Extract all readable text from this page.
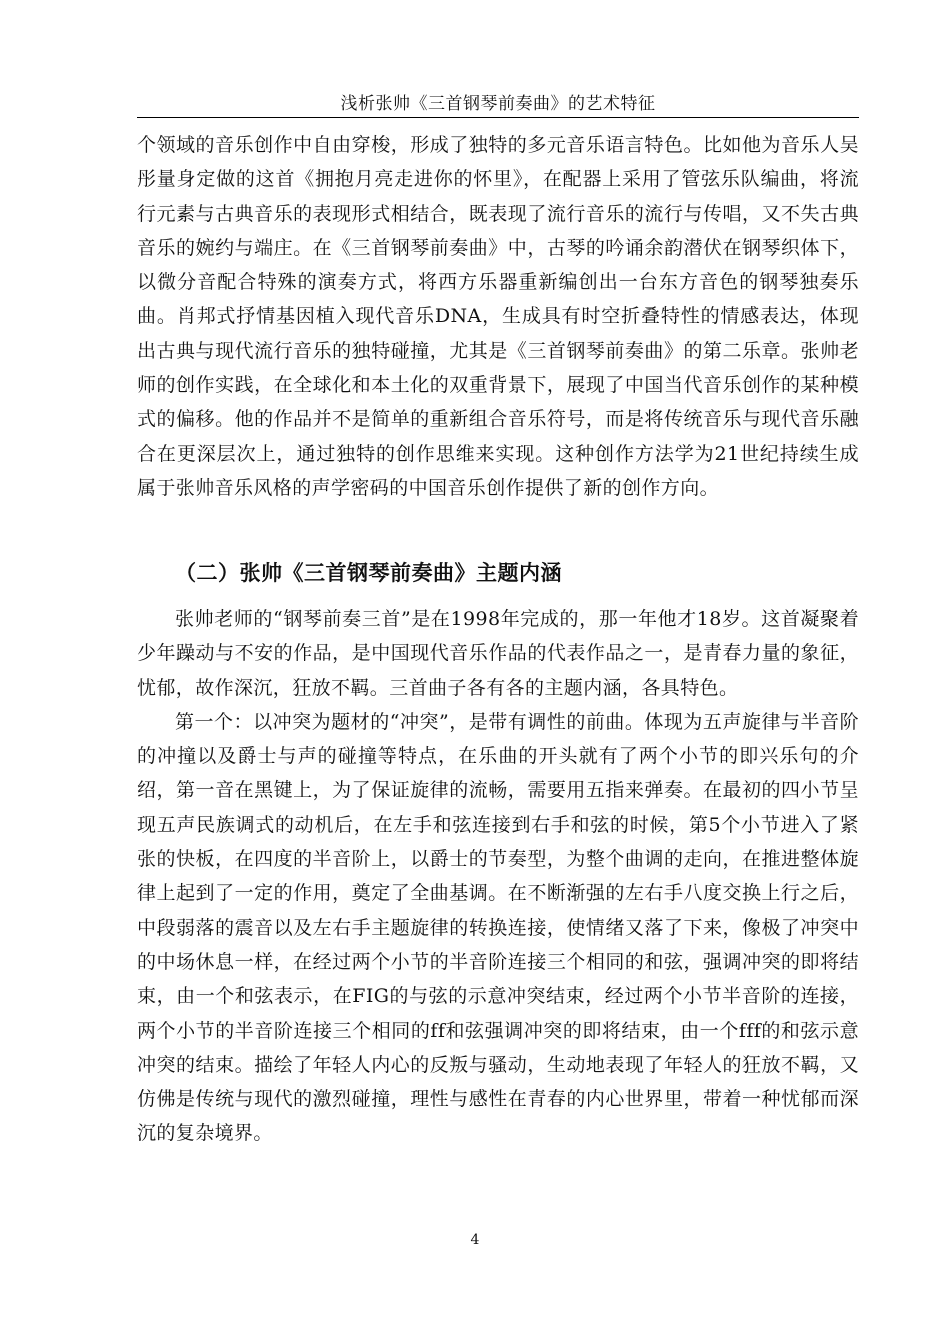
浅析张帅《三首钢琴前奏曲》的艺术特征

个领域的音乐创作中自由穿梭，形成了独特的多元音乐语言特色。比如他为音乐人吴彤量身定做的这首《拥抱月亮走进你的怀里》，在配器上采用了管弦乐队编曲，将流行元素与古典音乐的表现形式相结合，既表现了流行音乐的流行与传唱，又不失古典音乐的婉约与端庄。在《三首钢琴前奏曲》中，古琴的吟诵余韵潜伏在钢琴织体下，以微分音配合特殊的演奏方式，将西方乐器重新编创出一台东方音色的钢琴独奏乐曲。肖邦式抒情基因植入现代音乐DNA，生成具有时空折叠特性的情感表达，体现出古典与现代流行音乐的独特碰撞，尤其是《三首钢琴前奏曲》的第二乐章。张帅老师的创作实践，在全球化和本土化的双重背景下，展现了中国当代音乐创作的某种模式的偏移。他的作品并不是简单的重新组合音乐符号，而是将传统音乐与现代音乐融合在更深层次上，通过独特的创作思维来实现。这种创作方法学为21世纪持续生成属于张帅音乐风格的声学密码的中国音乐创作提供了新的创作方向。

（二）张帅《三首钢琴前奏曲》主题内涵

张帅老师的“钢琴前奏三首”是在1998年完成的，那一年他才18岁。这首凝聚着少年躁动与不安的作品，是中国现代音乐作品的代表作品之一，是青春力量的象征，忧郁，故作深沉，狂放不羁。三首曲子各有各的主题内涵，各具特色。

第一个：以冲突为题材的“冲突”，是带有调性的前曲。体现为五声旋律与半音阶的冲撞以及爵士与声的碰撞等特点，在乐曲的开头就有了两个小节的即兴乐句的介绍，第一音在黑键上，为了保证旋律的流畅，需要用五指来弹奏。在最初的四小节呈现五声民族调式的动机后，在左手和弦连接到右手和弦的时候，第5个小节进入了紧张的快板，在四度的半音阶上，以爵士的节奏型，为整个曲调的走向，在推进整体旋律上起到了一定的作用，奠定了全曲基调。在不断渐强的左右手八度交换上行之后，中段弱落的震音以及左右手主题旋律的转换连接，使情绪又落了下来，像极了冲突中的中场休息一样，在经过两个小节的半音阶连接三个相同的和弦，强调冲突的即将结束，由一个和弦表示，在FIG的与弦的示意冲突结束，经过两个小节半音阶的连接，两个小节的半音阶连接三个相同的ff和弦强调冲突的即将结束，由一个fff的和弦示意冲突的结束。描绘了年轻人内心的反叛与骚动，生动地表现了年轻人的狂放不羁，又仿佛是传统与现代的激烈碰撞，理性与感性在青春的内心世界里，带着一种忧郁而深沉的复杂境界。

4
